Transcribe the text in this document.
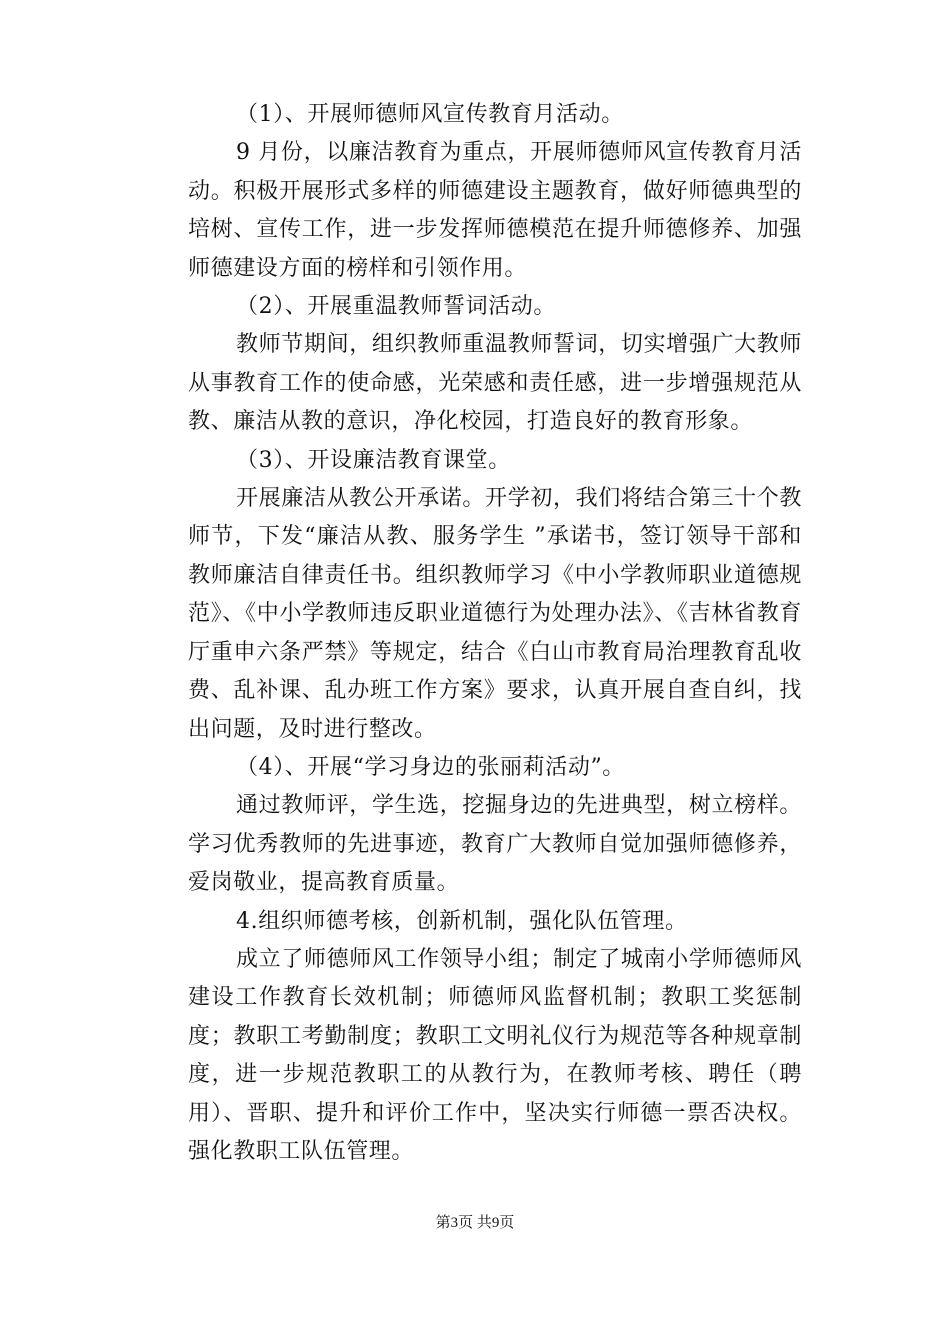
（1）、开展师德师风宣传教育月活动。

9 月份，以廉洁教育为重点，开展师德师风宣传教育月活动。积极开展形式多样的师德建设主题教育，做好师德典型的培树、宣传工作，进一步发挥师德模范在提升师德修养、加强师德建设方面的榜样和引领作用。

（2）、开展重温教师誓词活动。

教师节期间，组织教师重温教师誓词，切实增强广大教师从事教育工作的使命感，光荣感和责任感，进一步增强规范从教、廉洁从教的意识，净化校园，打造良好的教育形象。

（3）、开设廉洁教育课堂。

开展廉洁从教公开承诺。开学初，我们将结合第三十个教师节，下发“廉洁从教、服务学生 ”承诺书，签订领导干部和教师廉洁自律责任书。组织教师学习《中小学教师职业道德规范》、《中小学教师违反职业道德行为处理办法》、《吉林省教育厅重申六条严禁》等规定，结合《白山市教育局治理教育乱收费、乱补课、乱办班工作方案》要求，认真开展自查自纠，找出问题，及时进行整改。

（4）、开展“学习身边的张丽莉活动”。

通过教师评，学生选，挖掘身边的先进典型，树立榜样。学习优秀教师的先进事迹，教育广大教师自觉加强师德修养，爱岗敬业，提高教育质量。

4.组织师德考核，创新机制，强化队伍管理。

成立了师德师风工作领导小组；制定了城南小学师德师风建设工作教育长效机制；师德师风监督机制；教职工奖惩制度；教职工考勤制度；教职工文明礼仪行为规范等各种规章制度，进一步规范教职工的从教行为，在教师考核、聘任（聘用）、晋职、提升和评价工作中，坚决实行师德一票否决权。强化教职工队伍管理。

第3页 共9页
